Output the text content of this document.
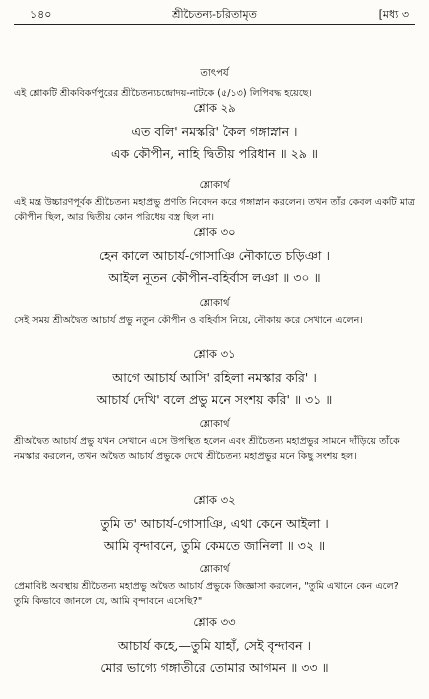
১৪০	শ্রীচৈতন্য-চরিতামৃত	[মধ্য ৩
তাৎপর্য

এই শ্লোকটি শ্রীকবিকর্ণপুরের শ্রীচৈতন্যচন্দ্রোদয়-নাটকে (৫/১৩) লিপিবদ্ধ হয়েছে।

শ্লোক ২৯
এত বলি' নমস্করি' কৈল গঙ্গাস্নান ।
এক কৌপীন, নাহি দ্বিতীয় পরিধান ॥ ২৯ ॥
শ্লোকার্থ

এই মন্ত্র উচ্চারণপূর্বক শ্রীচৈতন্য মহাপ্রভু প্রণতি নিবেদন করে গঙ্গাস্নান করলেন। তখন তাঁর কেবল একটি মাত্র কৌপীন ছিল, আর দ্বিতীয় কোন পরিধেয় বস্ত্র ছিল না।

শ্লোক ৩০
হেন কালে আচার্য-গোসাঞি নৌকাতে চড়িঞা ।
আইল নূতন কৌপীন-বহির্বাস লঞা ॥ ৩০ ॥
শ্লোকার্থ

সেই সময় শ্রীঅদ্বৈত আচার্য প্রভু নতুন কৌপীন ও বহির্বাস নিয়ে, নৌকায় করে সেখানে এলেন।

শ্লোক ৩১
আগে আচার্য আসি' রহিলা নমস্কার করি' ।
আচার্য দেখি' বলে প্রভু মনে সংশয় করি' ॥ ৩১ ॥
শ্লোকার্থ

শ্রীঅদ্বৈত আচার্য প্রভু যখন সেখানে এসে উপস্থিত হলেন এবং শ্রীচৈতন্য মহাপ্রভুর সামনে দাঁড়িয়ে তাঁকে নমস্কার করলেন, তখন অদ্বৈত আচার্য প্রভুকে দেখে শ্রীচৈতন্য মহাপ্রভুর মনে কিছু সংশয় হল।

শ্লোক ৩২
তুমি ত' আচার্য-গোসাঞি, এথা কেনে আইলা ।
আমি বৃন্দাবনে, তুমি কেমতে জানিলা ॥ ৩২ ॥
শ্লোকার্থ

প্রেমাবিষ্ট অবস্থায় শ্রীচৈতন্য মহাপ্রভু অদ্বৈত আচার্য প্রভুকে জিজ্ঞাসা করলেন, "তুমি এখানে কেন এলে? তুমি কিভাবে জানলে যে, আমি বৃন্দাবনে এসেছি?"

শ্লোক ৩৩
আচার্য কহে,—তুমি যাহাঁ, সেই বৃন্দাবন ।
মোর ভাগ্যে গঙ্গাতীরে তোমার আগমন ॥ ৩৩ ॥
